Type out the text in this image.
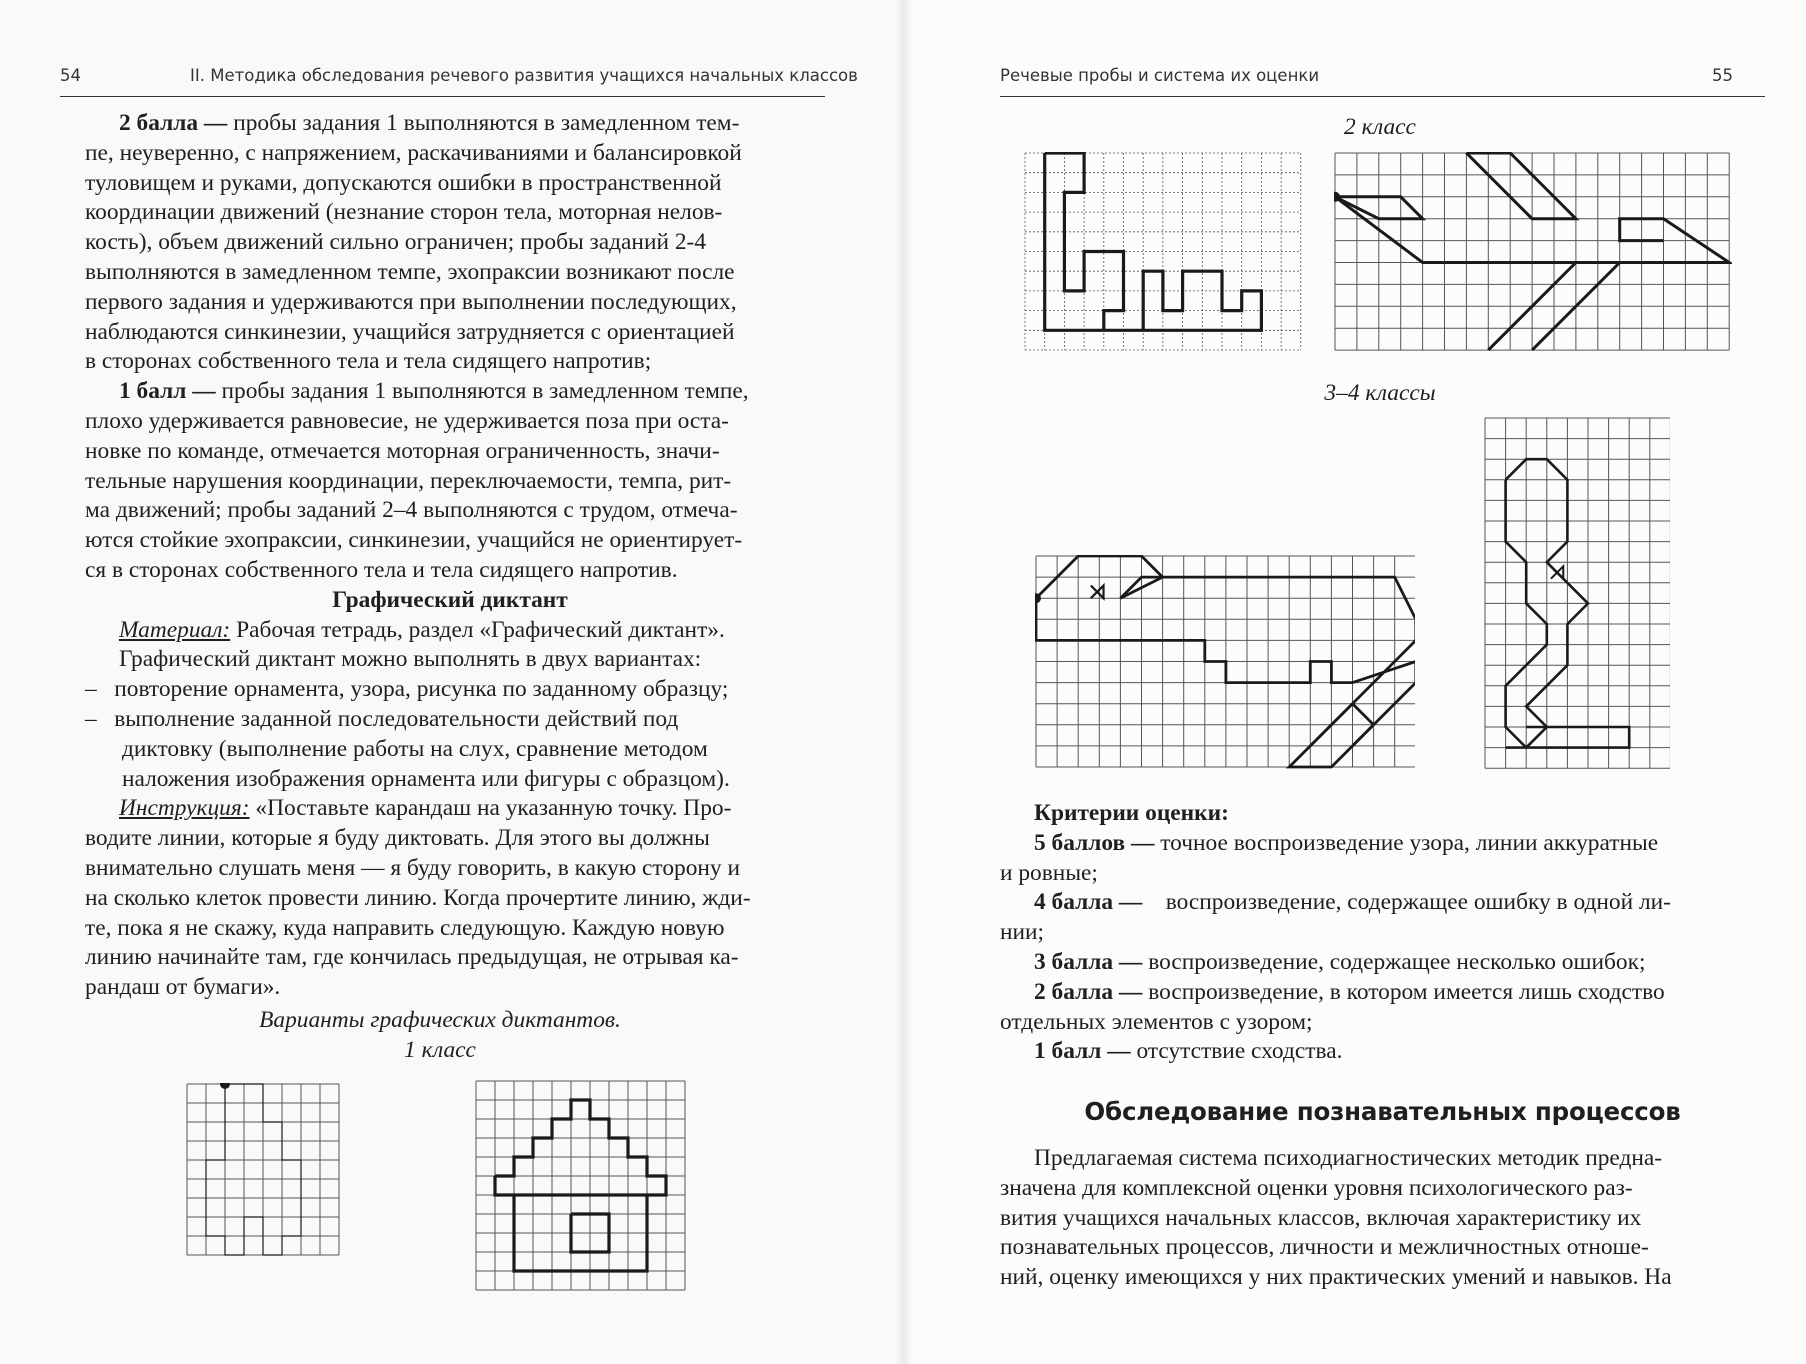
54	II. Методика обследования речевого развития учащихся начальных классов

2 балла — пробы задания 1 выполняются в замедленном тем-

пе, неуверенно, с напряжением, раскачиваниями и балансировкой

туловищем и руками, допускаются ошибки в пространственной

координации движений (незнание сторон тела, моторная нелов-

кость), объем движений сильно ограничен; пробы заданий 2-4

выполняются в замедленном темпе, эхопраксии возникают после

первого задания и удерживаются при выполнении последующих,

наблюдаются синкинезии, учащийся затрудняется с ориентацией

в сторонах собственного тела и тела сидящего напротив;

1 балл — пробы задания 1 выполняются в замедленном темпе,

плохо удерживается равновесие, не удерживается поза при оста-

новке по команде, отмечается моторная ограниченность, значи-

тельные нарушения координации, переключаемости, темпа, рит-

ма движений; пробы заданий 2–4 выполняются с трудом, отмеча-

ются стойкие эхопраксии, синкинезии, учащийся не ориентирует-

ся в сторонах собственного тела и тела сидящего напротив.

Графический диктант

Материал: Рабочая тетрадь, раздел «Графический диктант».

Графический диктант можно выполнять в двух вариантах:

– повторение орнамента, узора, рисунка по заданному образцу;

– выполнение заданной последовательности действий под

диктовку (выполнение работы на слух, сравнение методом

наложения изображения орнамента или фигуры с образцом).

Инструкция: «Поставьте карандаш на указанную точку. Про-

водите линии, которые я буду диктовать. Для этого вы должны

внимательно слушать меня — я буду говорить, в какую сторону и

на сколько клеток провести линию. Когда прочертите линию, жди-

те, пока я не скажу, куда направить следующую. Каждую новую

линию начинайте там, где кончилась предыдущая, не отрывая ка-

рандаш от бумаги».

Варианты графических диктантов.
1 класс
Речевые пробы и система их оценки	55
2 класс
3–4 классы

Критерии оценки:

5 баллов — точное воспроизведение узора, линии аккуратные

и ровные;

4 балла — воспроизведение, содержащее ошибку в одной ли-

нии;

3 балла — воспроизведение, содержащее несколько ошибок;

2 балла — воспроизведение, в котором имеется лишь сходство

отдельных элементов с узором;

1 балл — отсутствие сходства.

Обследование познавательных процессов

Предлагаемая система психодиагностических методик предна-

значена для комплексной оценки уровня психологического раз-

вития учащихся начальных классов, включая характеристику их

познавательных процессов, личности и межличностных отноше-

ний, оценку имеющихся у них практических умений и навыков. На
